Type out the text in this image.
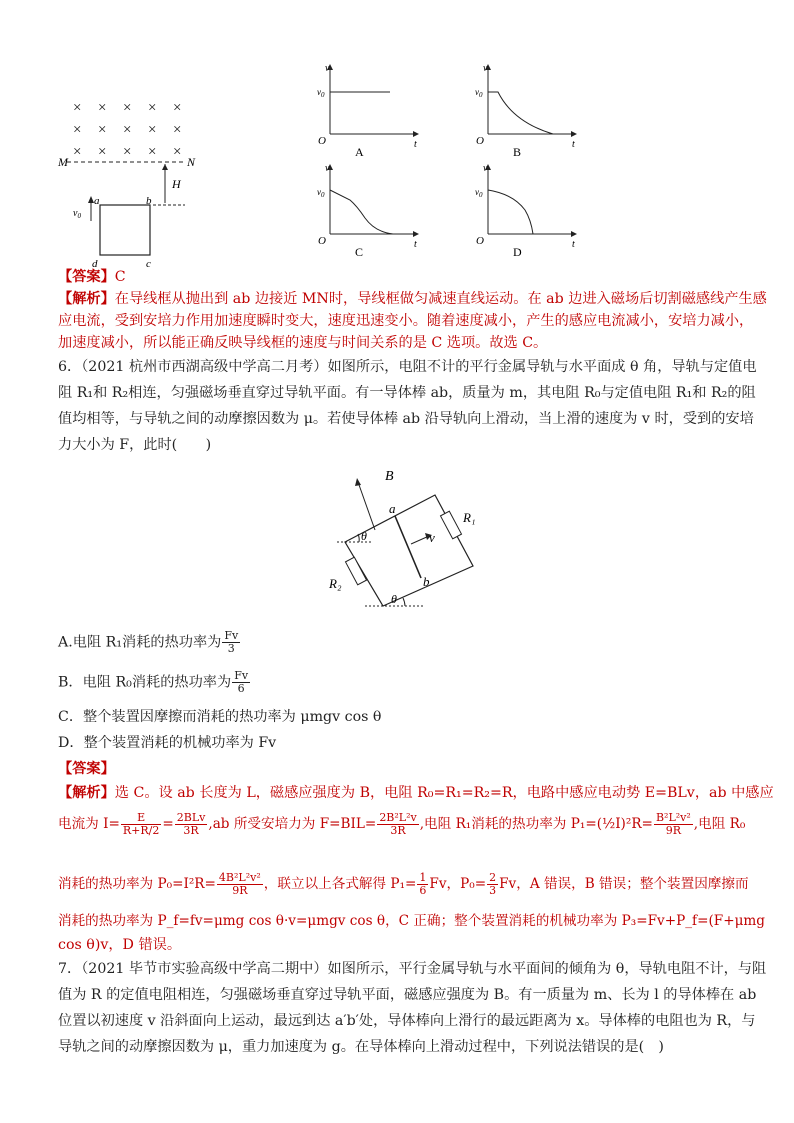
× × × × ×
× × × × ×
× × × × ×
M	N
H
$v_0$
a	b
d	c
v
$v_0$
O	t
A
v
$v_0$
O	t
B
v
$v_0$
O	t
C
v
$v_0$
O	t
D
【答案】C
【解析】在导线框从抛出到 ab 边接近 MN时，导线框做匀减速直线运动。在 ab 边进入磁场后切割磁感线产生感
应电流，受到安培力作用加速度瞬时变大，速度迅速变小。随着速度减小，产生的感应电流减小，安培力减小，
加速度减小，所以能正确反映导线框的速度与时间关系的是 C 选项。故选 C。
6．（2021 杭州市西湖高级中学高二月考）如图所示，电阻不计的平行金属导轨与水平面成 θ 角，导轨与定值电
阻 R₁和 R₂相连，匀强磁场垂直穿过导轨平面。有一导体棒 ab，质量为 m，其电阻 R₀与定值电阻 R₁和 R₂的阻
值均相等，与导轨之间的动摩擦因数为 μ。若使导体棒 ab 沿导轨向上滑动，当上滑的速度为 v 时，受到的安培
力大小为 F，此时(　　)
B
v
a
b
R₁
R₂
θ
θ
A.电阻 R₁消耗的热功率为 $\frac{Fv}{3}$
B．电阻 R₀消耗的热功率为 $\frac{Fv}{6}$
C．整个装置因摩擦而消耗的热功率为 μmgv cos θ
D．整个装置消耗的机械功率为 Fv
【答案】
【解析】选 C。设 ab 长度为 L，磁感应强度为 B，电阻 R₀=R₁=R₂=R，电路中感应电动势 E=BLv，ab 中感应
电流为 $I= \frac{E}{R+R/2} = \frac{\text{2BLv}}{3R} ,ab$ 所受安培力为 $F=BIL= \frac{\text{2B²L²v}}{3R}$ ,电阻 R₁消耗的热功率为 P₁=(½I)²R= $\frac{\text{B²L²v²}}{9R}$ ,电阻 R₀
消耗的热功率为 $P_0=I^2R= \frac{\text{4B²L²v²}}{9R}$ ，联立以上各式解得 $P_1= \frac{1}{6}$ Fv，$P_0= \frac{2}{3}$ Fv，A 错误，B 错误；整个装置因摩擦而
消耗的热功率为 P_f=fv=μmg cos θ·v=μmgv cos θ，C 正确；整个装置消耗的机械功率为 P₃=Fv+P_f=(F+μmg
cos θ)v，D 错误。
7．（2021 毕节市实验高级中学高二期中）如图所示，平行金属导轨与水平面间的倾角为 θ，导轨电阻不计，与阻
值为 R 的定值电阻相连，匀强磁场垂直穿过导轨平面，磁感应强度为 B。有一质量为 m、长为 l 的导体棒在 ab
位置以初速度 v 沿斜面向上运动，最远到达 a′b′处，导体棒向上滑行的最远距离为 x。导体棒的电阻也为 R，与
导轨之间的动摩擦因数为 μ，重力加速度为 g。在导体棒向上滑动过程中，下列说法错误的是(　)
